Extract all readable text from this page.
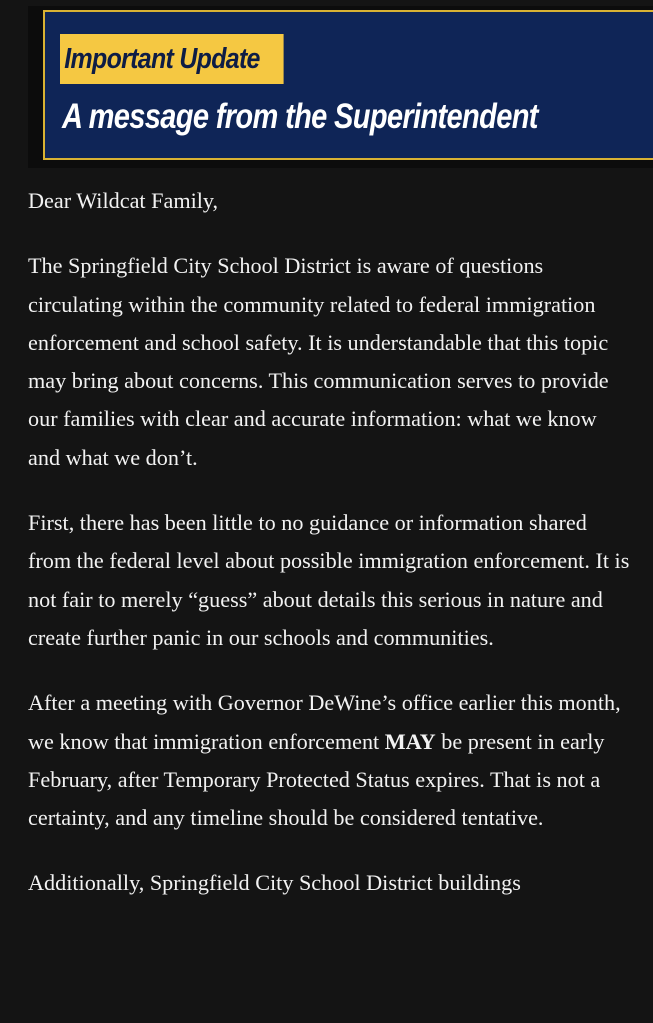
Important Update
A message from the Superintendent

Dear Wildcat Family,

The Springfield City School District is aware of questions circulating within the community related to federal immigration enforcement and school safety. It is understandable that this topic may bring about concerns. This communication serves to provide our families with clear and accurate information: what we know and what we don’t.

First, there has been little to no guidance or information shared from the federal level about possible immigration enforcement. It is not fair to merely “guess” about details this serious in nature and create further panic in our schools and communities.

After a meeting with Governor DeWine’s office earlier this month, we know that immigration enforcement MAY be present in early February, after Temporary Protected Status expires. That is not a certainty, and any timeline should be considered tentative.

Additionally, Springfield City School District buildings
